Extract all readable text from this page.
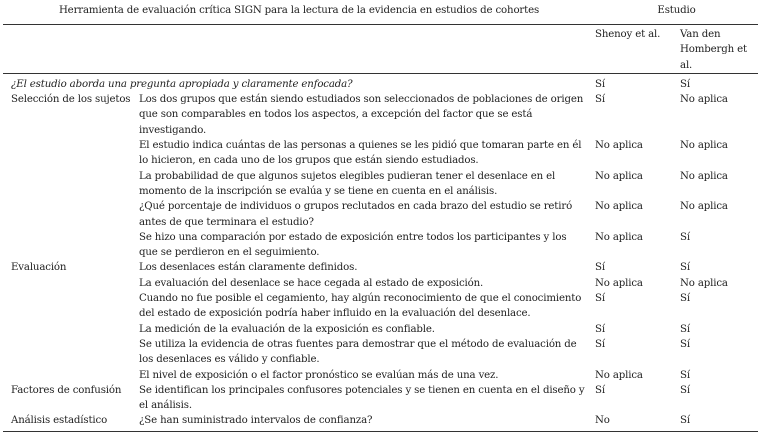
Herramienta de evaluación crítica SIGN para la lectura de la evidencia en estudios de cohortes		Estudio	
		Shenoy et al.	Van den Hombergh et al.
¿El estudio aborda una pregunta apropiada y claramente enfocada?		Sí	Sí
Selección de los sujetos	Los dos grupos que están siendo estudiados son seleccionados de poblaciones de origen que son comparables en todos los aspectos, a excepción del factor que se está investigando.	Sí	No aplica
	El estudio indica cuántas de las personas a quienes se les pidió que tomaran parte en él lo hicieron, en cada uno de los grupos que están siendo estudiados.	No aplica	No aplica
	La probabilidad de que algunos sujetos elegibles pudieran tener el desenlace en el momento de la inscripción se evalúa y se tiene en cuenta en el análisis.	No aplica	No aplica
	¿Qué porcentaje de individuos o grupos reclutados en cada brazo del estudio se retiró antes de que terminara el estudio?	No aplica	No aplica
	Se hizo una comparación por estado de exposición entre todos los participantes y los que se perdieron en el seguimiento.	No aplica	Sí
Evaluación	Los desenlaces están claramente definidos.	Sí	Sí
	La evaluación del desenlace se hace cegada al estado de exposición.	No aplica	No aplica
	Cuando no fue posible el cegamiento, hay algún reconocimiento de que el conocimiento del estado de exposición podría haber influido en la evaluación del desenlace.	Sí	Sí
	La medición de la evaluación de la exposición es confiable.	Sí	Sí
	Se utiliza la evidencia de otras fuentes para demostrar que el método de evaluación de los desenlaces es válido y confiable.	Sí	Sí
	El nivel de exposición o el factor pronóstico se evalúan más de una vez.	No aplica	Sí
Factores de confusión	Se identifican los principales confusores potenciales y se tienen en cuenta en el diseño y el análisis.	Sí	Sí
Análisis estadístico	¿Se han suministrado intervalos de confianza?	No	Sí
